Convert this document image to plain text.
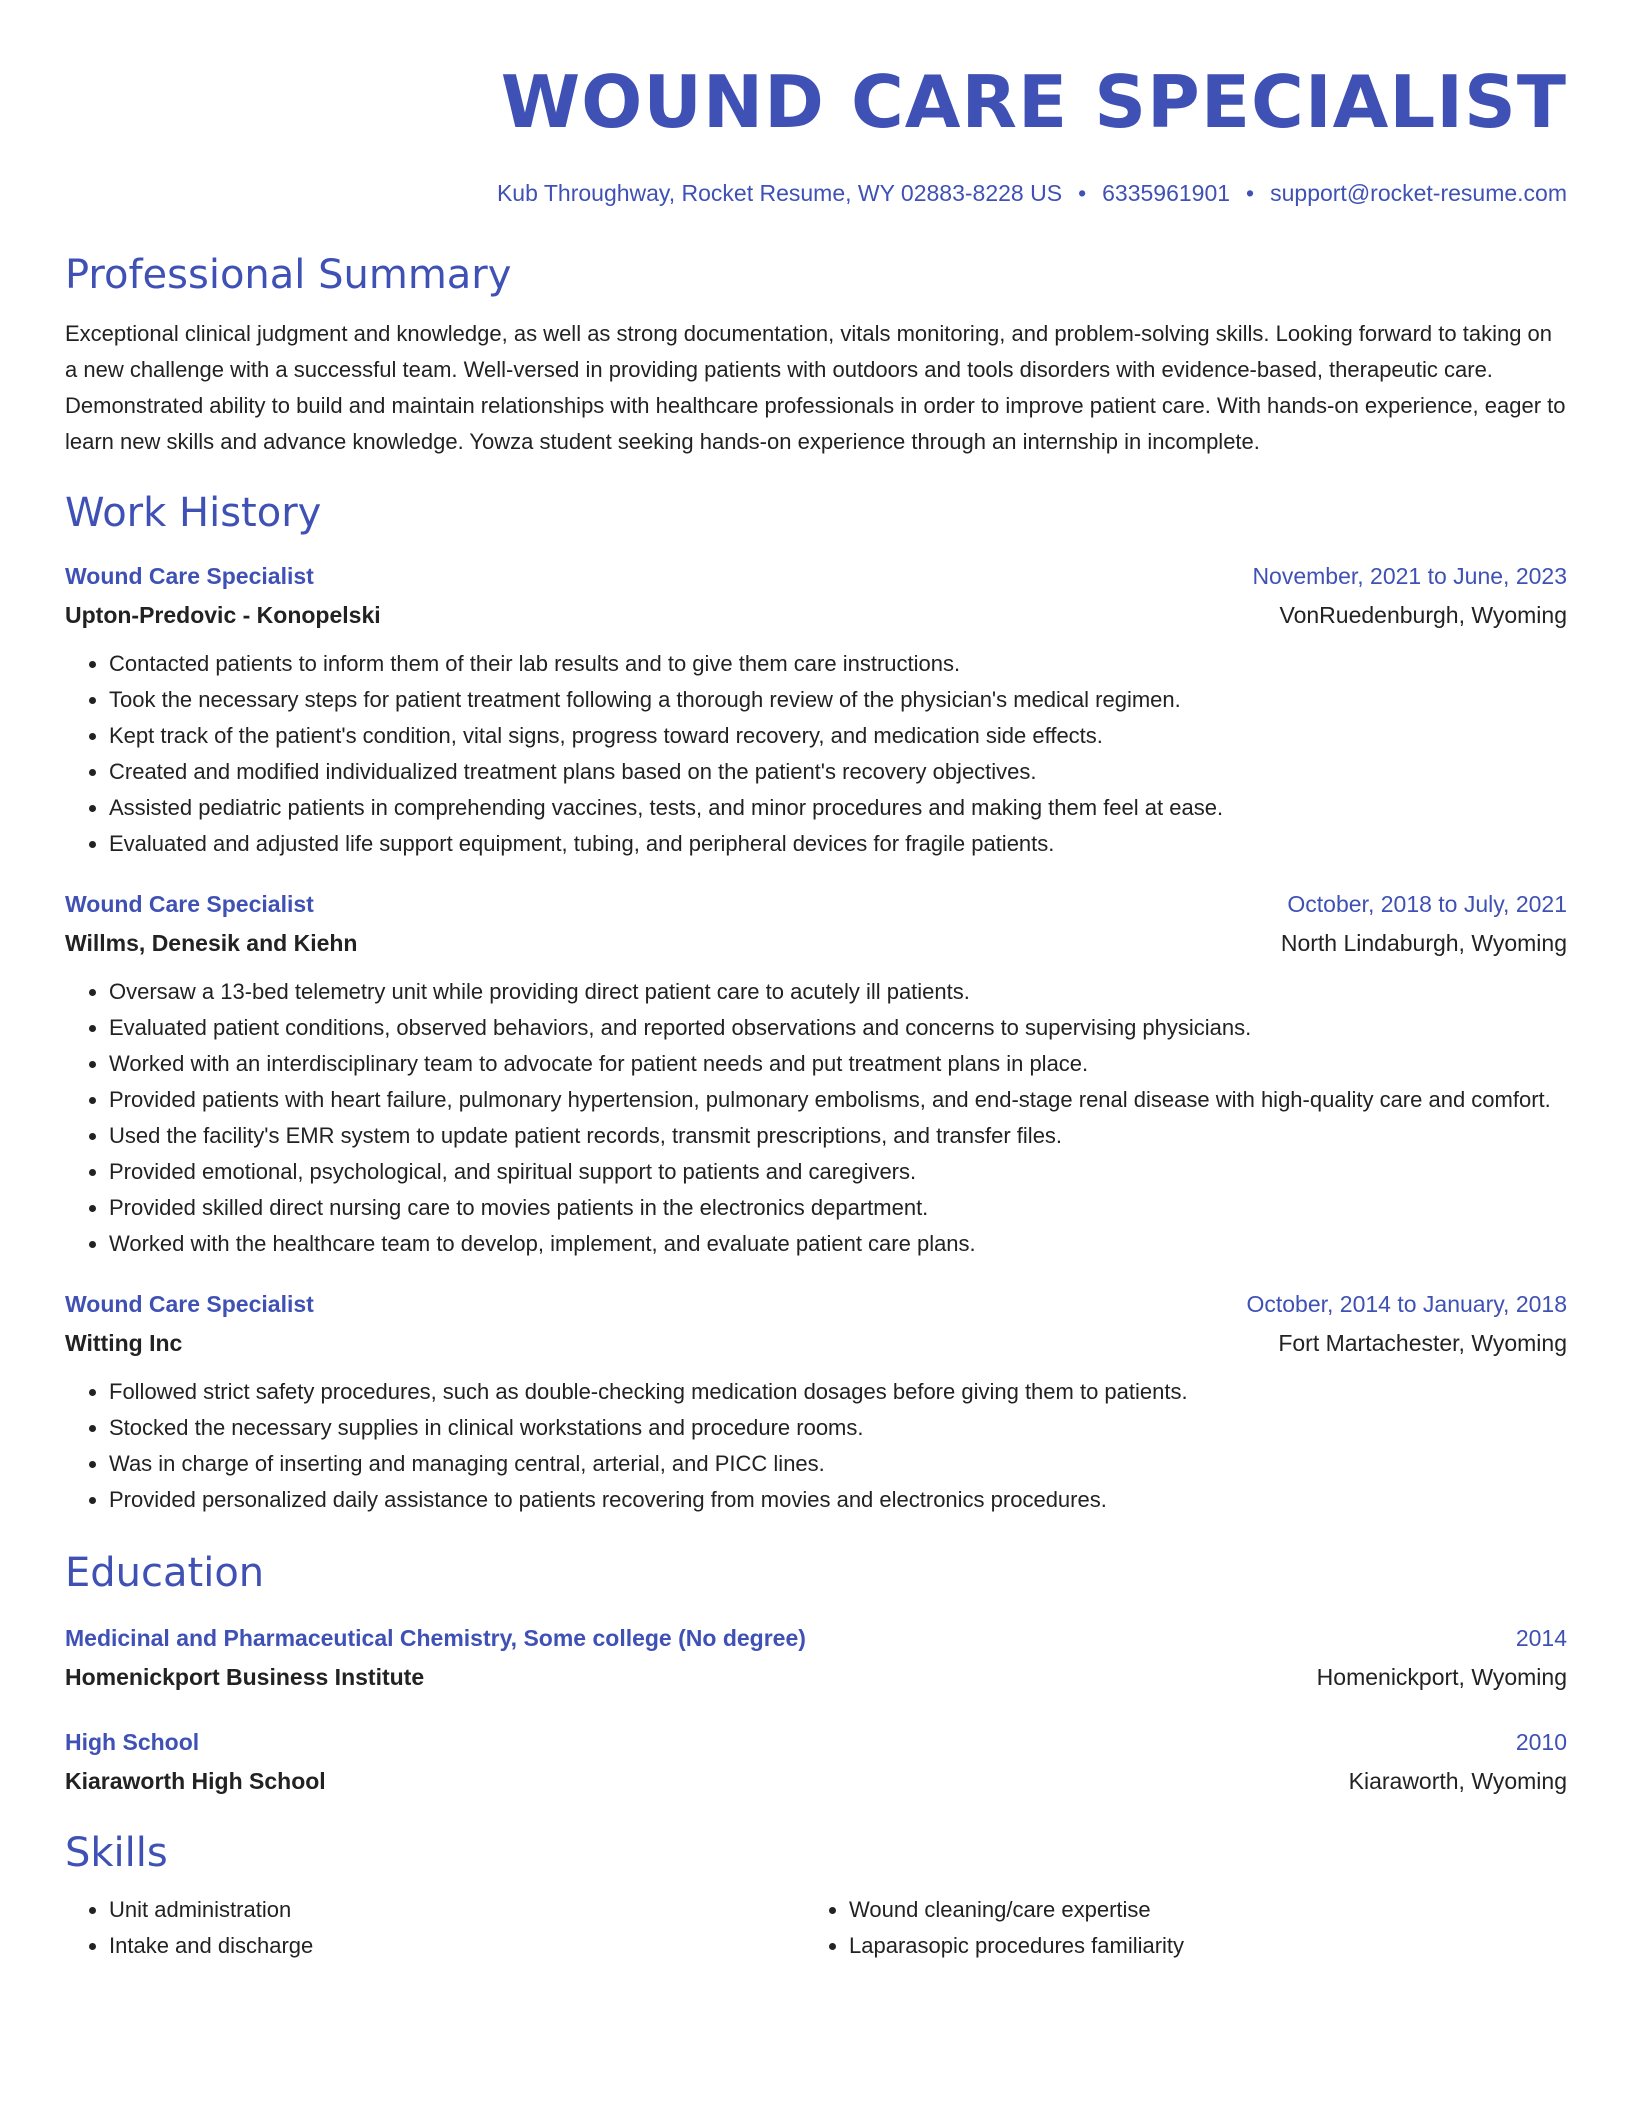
WOUND CARE SPECIALIST
Kub Throughway, Rocket Resume, WY 02883-8228 US • 6335961901 • support@rocket-resume.com
Professional Summary
Exceptional clinical judgment and knowledge, as well as strong documentation, vitals monitoring, and problem-solving skills. Looking forward to taking on a new challenge with a successful team. Well-versed in providing patients with outdoors and tools disorders with evidence-based, therapeutic care. Demonstrated ability to build and maintain relationships with healthcare professionals in order to improve patient care. With hands-on experience, eager to learn new skills and advance knowledge. Yowza student seeking hands-on experience through an internship in incomplete.
Work History
Wound Care Specialist	November, 2021 to June, 2023
Upton-Predovic - Konopelski	VonRuedenburgh, Wyoming
• Contacted patients to inform them of their lab results and to give them care instructions.
• Took the necessary steps for patient treatment following a thorough review of the physician's medical regimen.
• Kept track of the patient's condition, vital signs, progress toward recovery, and medication side effects.
• Created and modified individualized treatment plans based on the patient's recovery objectives.
• Assisted pediatric patients in comprehending vaccines, tests, and minor procedures and making them feel at ease.
• Evaluated and adjusted life support equipment, tubing, and peripheral devices for fragile patients.
Wound Care Specialist	October, 2018 to July, 2021
Willms, Denesik and Kiehn	North Lindaburgh, Wyoming
• Oversaw a 13-bed telemetry unit while providing direct patient care to acutely ill patients.
• Evaluated patient conditions, observed behaviors, and reported observations and concerns to supervising physicians.
• Worked with an interdisciplinary team to advocate for patient needs and put treatment plans in place.
• Provided patients with heart failure, pulmonary hypertension, pulmonary embolisms, and end-stage renal disease with high-quality care and comfort.
• Used the facility's EMR system to update patient records, transmit prescriptions, and transfer files.
• Provided emotional, psychological, and spiritual support to patients and caregivers.
• Provided skilled direct nursing care to movies patients in the electronics department.
• Worked with the healthcare team to develop, implement, and evaluate patient care plans.
Wound Care Specialist	October, 2014 to January, 2018
Witting Inc	Fort Martachester, Wyoming
• Followed strict safety procedures, such as double-checking medication dosages before giving them to patients.
• Stocked the necessary supplies in clinical workstations and procedure rooms.
• Was in charge of inserting and managing central, arterial, and PICC lines.
• Provided personalized daily assistance to patients recovering from movies and electronics procedures.
Education
Medicinal and Pharmaceutical Chemistry, Some college (No degree)	2014
Homenickport Business Institute	Homenickport, Wyoming
High School	2010
Kiaraworth High School	Kiaraworth, Wyoming
Skills
• Unit administration
• Intake and discharge
• Wound cleaning/care expertise
• Laparasopic procedures familiarity
